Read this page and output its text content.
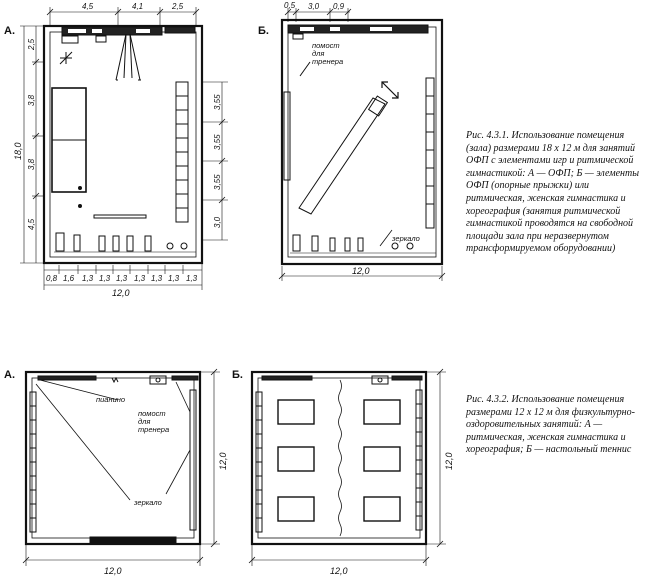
А.
4,5	4,1	2,5
2,5
3,8
3,8
4,5
18,0
3,55
3,55
3,55
3,0
0,8 1,6 1,3 1,3 1,3 1,3 1,3 1,3 1,3
12,0
Б.
0,5 3,0 0,9
помост для тренера
зеркало
12,0
А.
пианино
помост для тренера
зеркало
12,0
12,0
Б.
12,0
12,0
Рис. 4.3.1. Использование помещения
(зала) размерами 18 х 12 м для занятий
ОФП с элементами игр и ритмической
гимнастикой: А — ОФП; Б — элементы
ОФП (опорные прыжки) или
ритмическая, женская гимнастика и
хореография (занятия ритмической
гимнастикой проводятся на свободной
площади зала при неразвернутом
трансформируемом оборудовании)
Рис. 4.3.2. Использование помещения
размерами 12 х 12 м для физкультурно-
оздоровительных занятий: А —
ритмическая, женская гимнастика и
хореография; Б — настольный теннис
